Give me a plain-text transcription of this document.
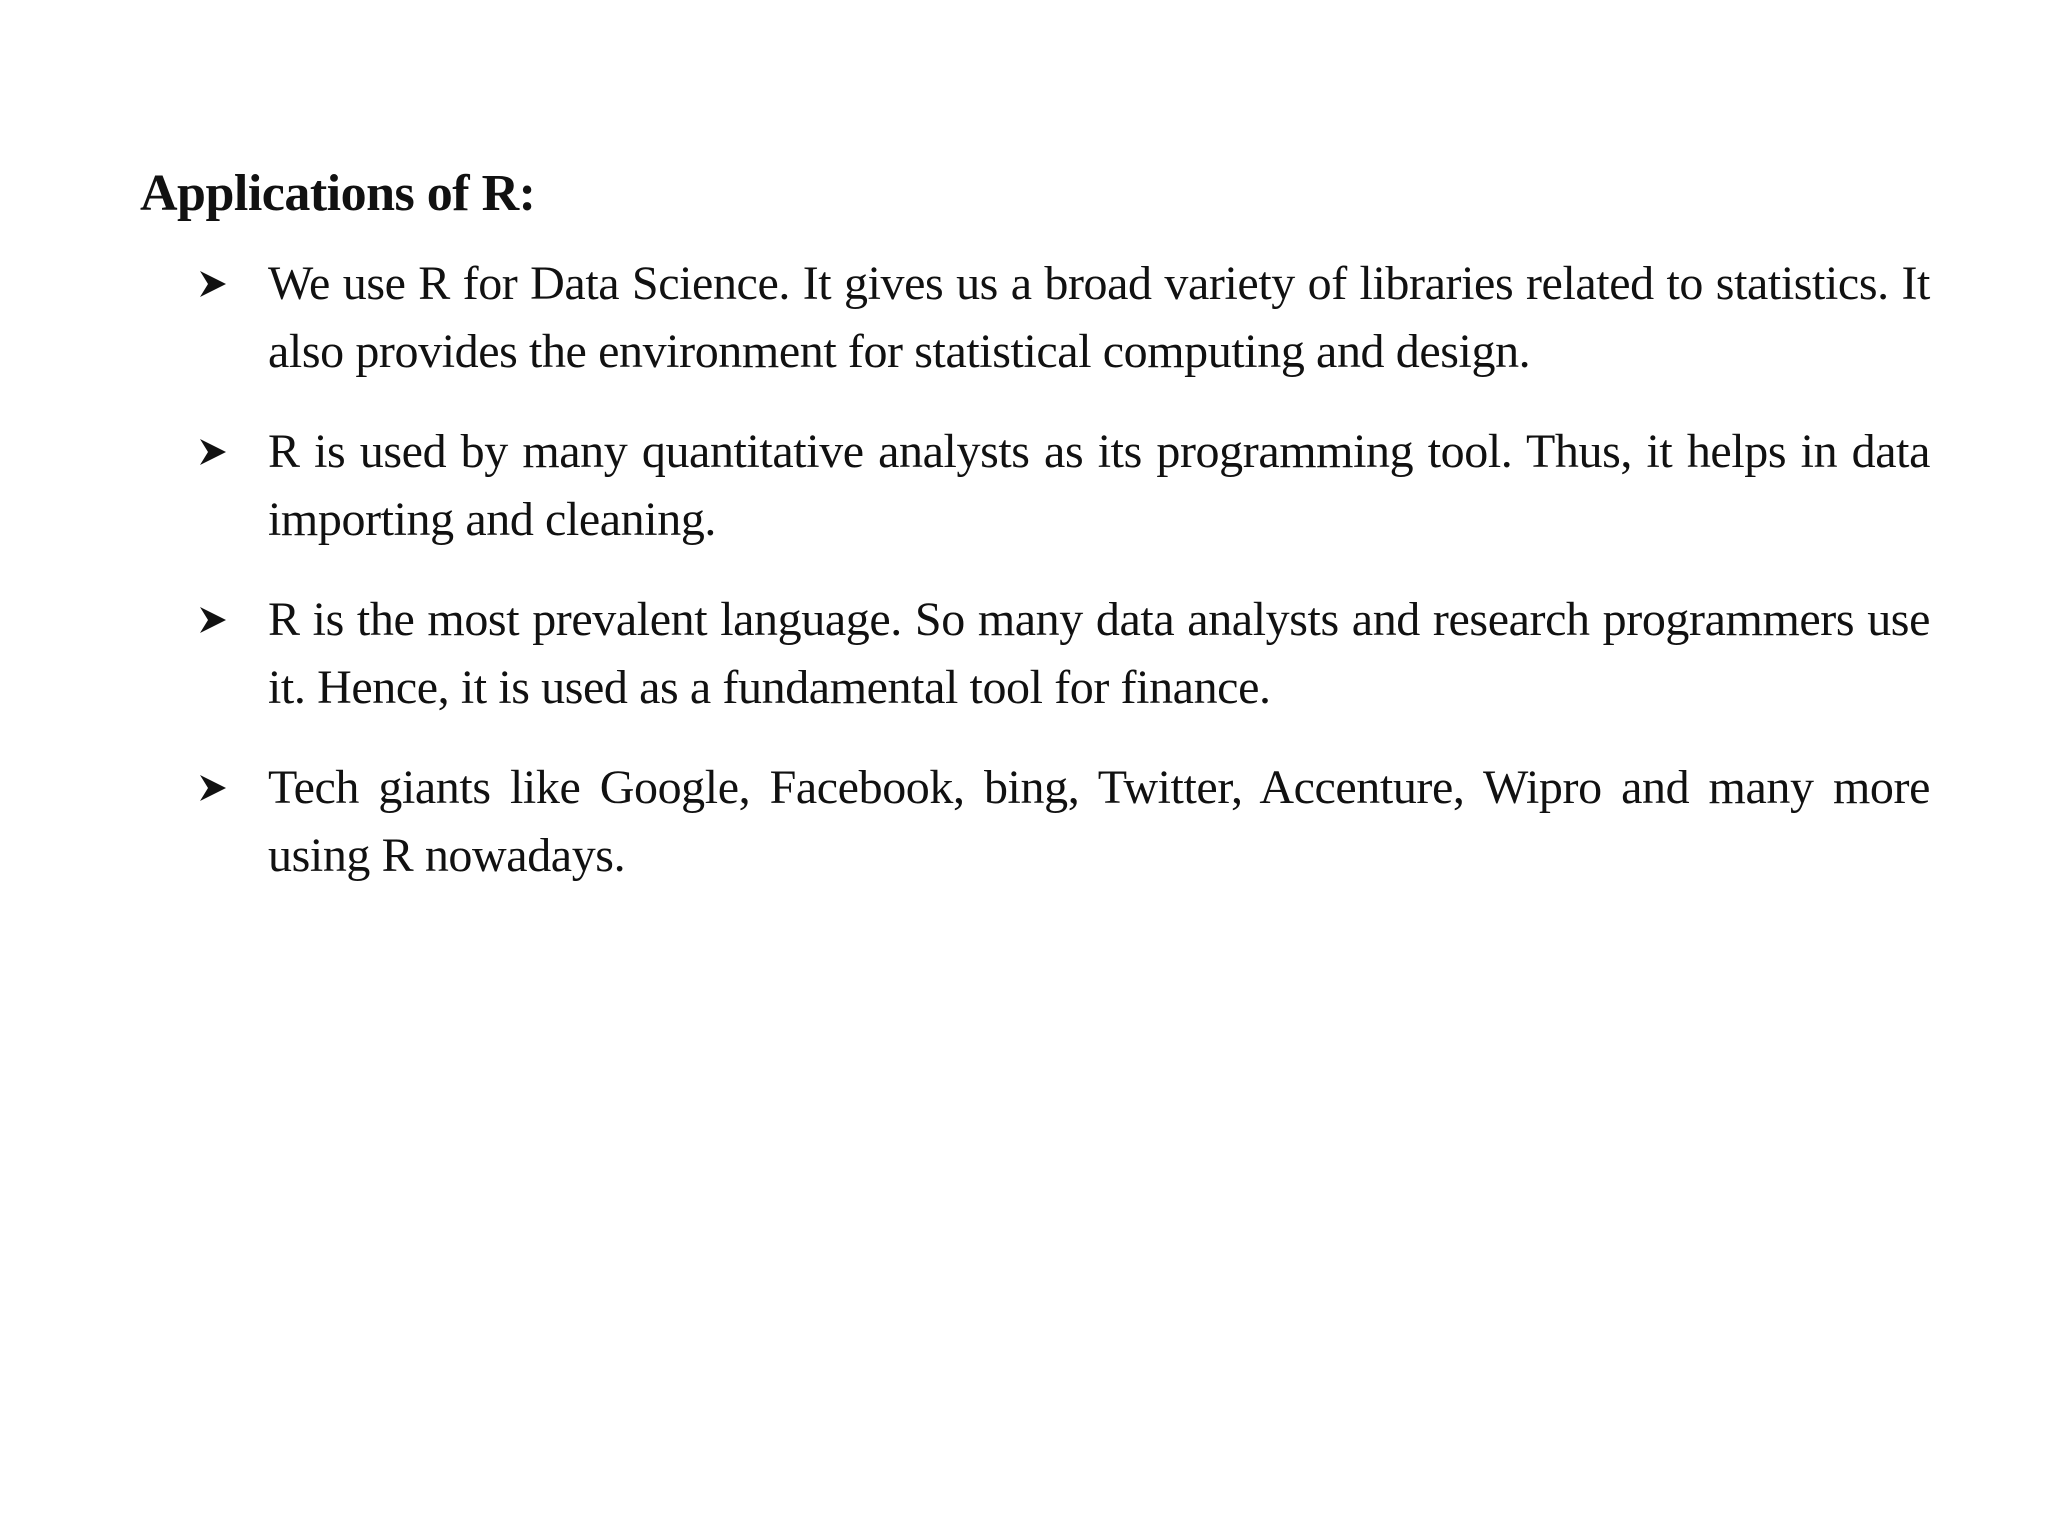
Applications of R:
We use R for Data Science. It gives us a broad variety of libraries related to statistics. It also provides the environment for statistical computing and design.
R is used by many quantitative analysts as its programming tool. Thus, it helps in data importing and cleaning.
R is the most prevalent language. So many data analysts and research programmers use it. Hence, it is used as a fundamental tool for finance.
Tech giants like Google, Facebook, bing, Twitter, Accenture, Wipro and many more using R nowadays.
